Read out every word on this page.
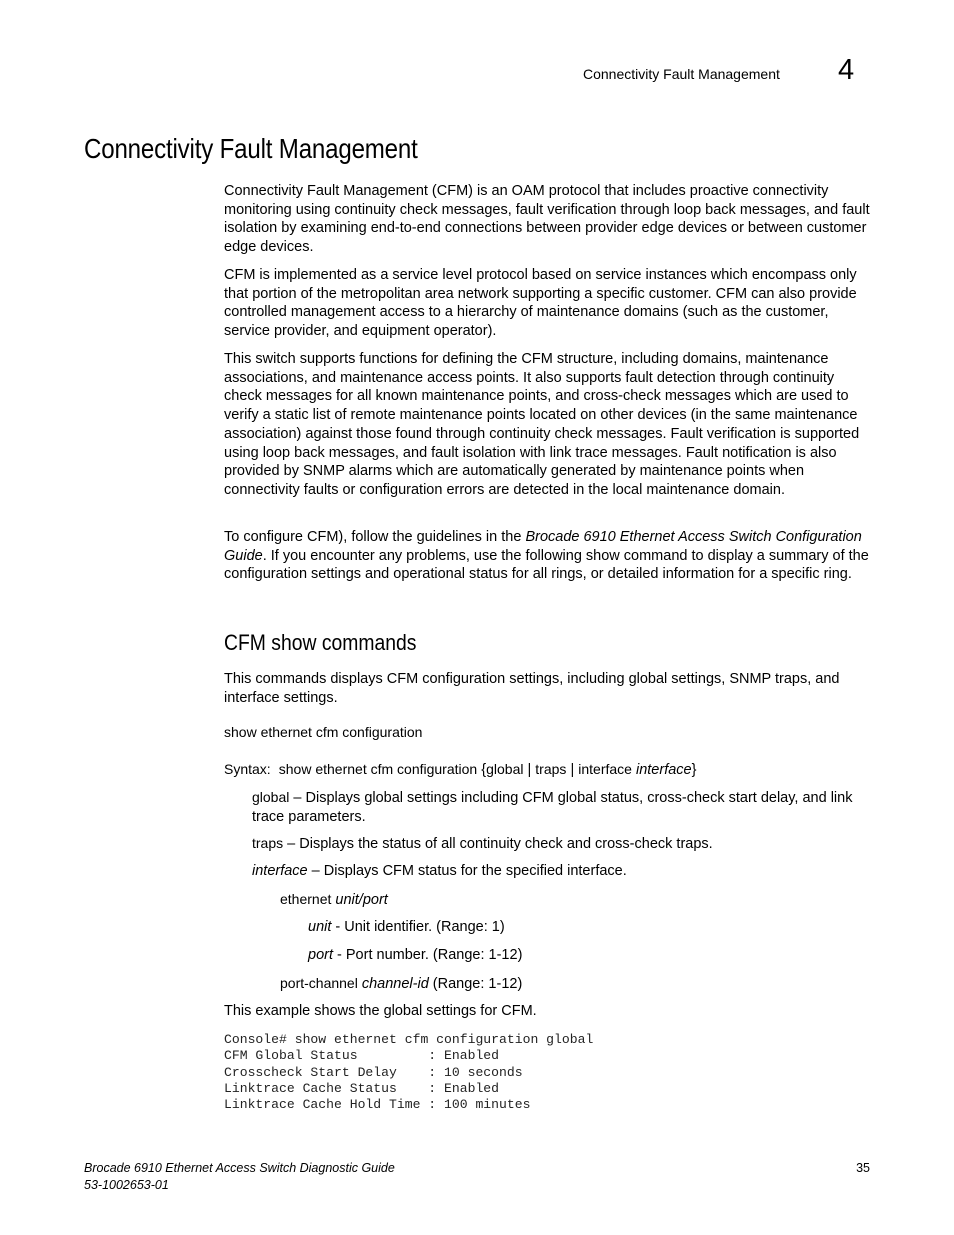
Connectivity Fault Management 4
Connectivity Fault Management

Connectivity Fault Management (CFM) is an OAM protocol that includes proactive connectivity monitoring using continuity check messages, fault verification through loop back messages, and fault isolation by examining end-to-end connections between provider edge devices or between customer edge devices.

CFM is implemented as a service level protocol based on service instances which encompass only that portion of the metropolitan area network supporting a specific customer. CFM can also provide controlled management access to a hierarchy of maintenance domains (such as the customer, service provider, and equipment operator).

This switch supports functions for defining the CFM structure, including domains, maintenance associations, and maintenance access points. It also supports fault detection through continuity check messages for all known maintenance points, and cross-check messages which are used to verify a static list of remote maintenance points located on other devices (in the same maintenance association) against those found through continuity check messages. Fault verification is supported using loop back messages, and fault isolation with link trace messages. Fault notification is also provided by SNMP alarms which are automatically generated by maintenance points when connectivity faults or configuration errors are detected in the local maintenance domain.

To configure CFM), follow the guidelines in the Brocade 6910 Ethernet Access Switch Configuration Guide. If you encounter any problems, use the following show command to display a summary of the configuration settings and operational status for all rings, or detailed information for a specific ring.

CFM show commands

This commands displays CFM configuration settings, including global settings, SNMP traps, and interface settings.

show ethernet cfm configuration
Syntax: show ethernet cfm configuration {global | traps | interface interface}
global – Displays global settings including CFM global status, cross-check start delay, and link trace parameters.
traps – Displays the status of all continuity check and cross-check traps.
interface – Displays CFM status for the specified interface.
ethernet unit/port
unit - Unit identifier. (Range: 1)
port - Port number. (Range: 1-12)
port-channel channel-id (Range: 1-12)
This example shows the global settings for CFM.
Console# show ethernet cfm configuration global
CFM Global Status         : Enabled
Crosscheck Start Delay    : 10 seconds
Linktrace Cache Status    : Enabled
Linktrace Cache Hold Time : 100 minutes
Brocade 6910 Ethernet Access Switch Diagnostic Guide
53-1002653-01
35
